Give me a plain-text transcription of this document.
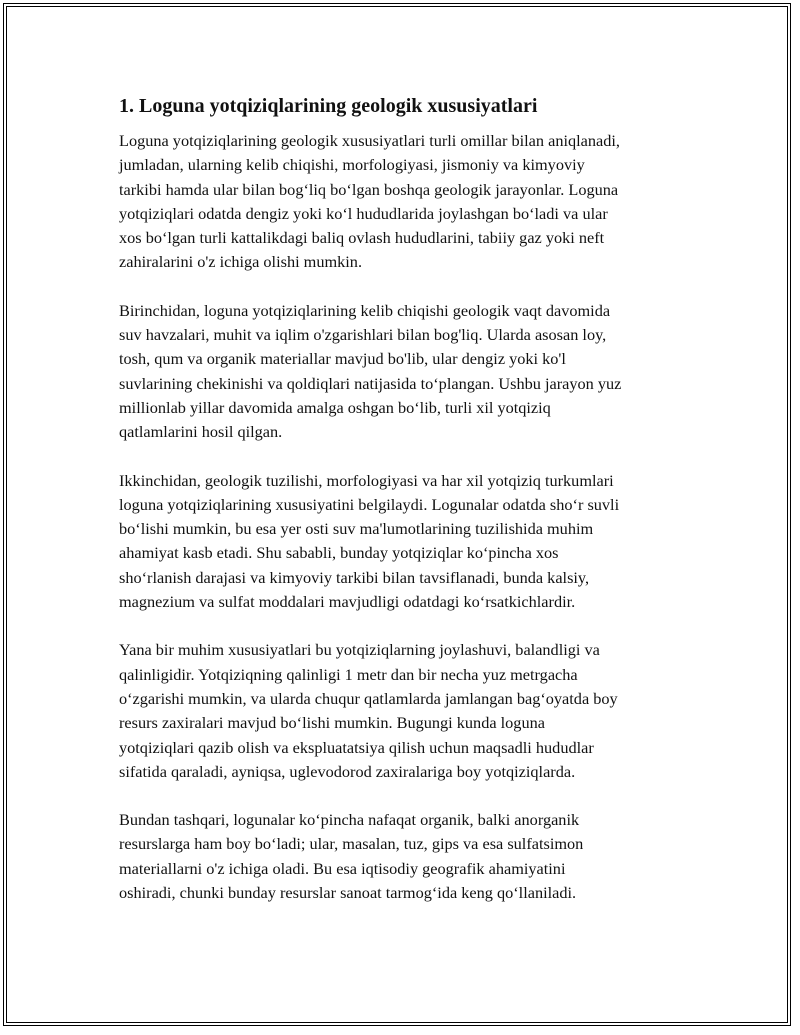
1. Loguna yotqiziqlarining geologik xususiyatlari
Loguna yotqiziqlarining geologik xususiyatlari turli omillar bilan aniqlanadi,
jumladan, ularning kelib chiqishi, morfologiyasi, jismoniy va kimyoviy
tarkibi hamda ular bilan bog‘liq bo‘lgan boshqa geologik jarayonlar. Loguna
yotqiziqlari odatda dengiz yoki ko‘l hududlarida joylashgan bo‘ladi va ular
xos bo‘lgan turli kattalikdagi baliq ovlash hududlarini, tabiiy gaz yoki neft
zahiralarini o'z ichiga olishi mumkin.
Birinchidan, loguna yotqiziqlarining kelib chiqishi geologik vaqt davomida
suv havzalari, muhit va iqlim o'zgarishlari bilan bog'liq. Ularda asosan loy,
tosh, qum va organik materiallar mavjud bo'lib, ular dengiz yoki ko'l
suvlarining chekinishi va qoldiqlari natijasida to‘plangan. Ushbu jarayon yuz
millionlab yillar davomida amalga oshgan bo‘lib, turli xil yotqiziq
qatlamlarini hosil qilgan.
Ikkinchidan, geologik tuzilishi, morfologiyasi va har xil yotqiziq turkumlari
loguna yotqiziqlarining xususiyatini belgilaydi. Logunalar odatda sho‘r suvli
bo‘lishi mumkin, bu esa yer osti suv ma'lumotlarining tuzilishida muhim
ahamiyat kasb etadi. Shu sababli, bunday yotqiziqlar ko‘pincha xos
sho‘rlanish darajasi va kimyoviy tarkibi bilan tavsiflanadi, bunda kalsiy,
magnezium va sulfat moddalari mavjudligi odatdagi ko‘rsatkichlardir.
Yana bir muhim xususiyatlari bu yotqiziqlarning joylashuvi, balandligi va
qalinligidir. Yotqiziqning qalinligi 1 metr dan bir necha yuz metrgacha
o‘zgarishi mumkin, va ularda chuqur qatlamlarda jamlangan bag‘oyatda boy
resurs zaxiralari mavjud bo‘lishi mumkin. Bugungi kunda loguna
yotqiziqlari qazib olish va ekspluatatsiya qilish uchun maqsadli hududlar
sifatida qaraladi, ayniqsa, uglevodorod zaxiralariga boy yotqiziqlarda.
Bundan tashqari, logunalar ko‘pincha nafaqat organik, balki anorganik
resurslarga ham boy bo‘ladi; ular, masalan, tuz, gips va esa sulfatsimon
materiallarni o'z ichiga oladi. Bu esa iqtisodiy geografik ahamiyatini
oshiradi, chunki bunday resurslar sanoat tarmog‘ida keng qo‘llaniladi.
